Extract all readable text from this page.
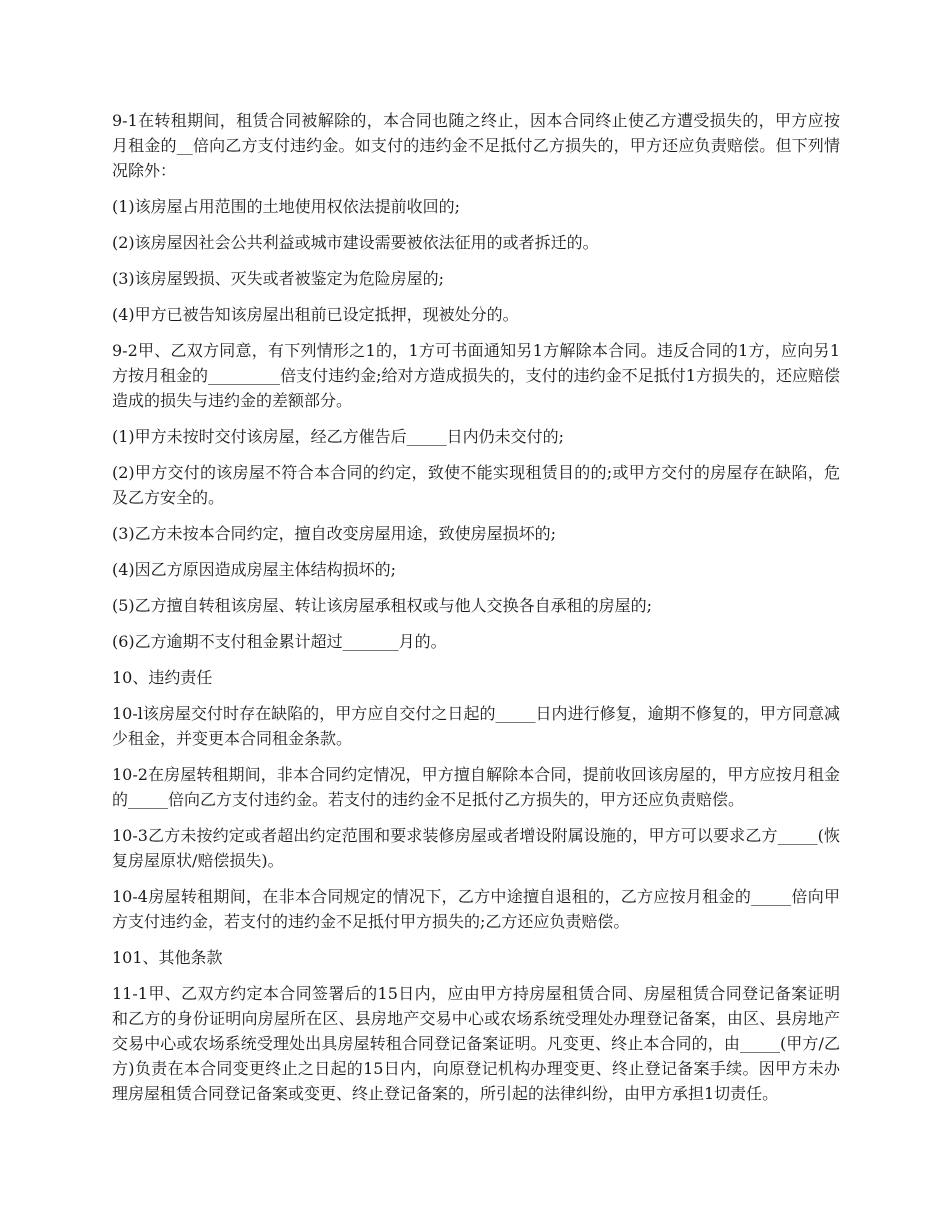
9-1在转租期间，租赁合同被解除的，本合同也随之终止，因本合同终止使乙方遭受损失的，甲方应按月租金的__倍向乙方支付违约金。如支付的违约金不足抵付乙方损失的，甲方还应负责赔偿。但下列情况除外：

(1)该房屋占用范围的土地使用权依法提前收回的;

(2)该房屋因社会公共利益或城市建设需要被依法征用的或者拆迁的。

(3)该房屋毁损、灭失或者被鉴定为危险房屋的;

(4)甲方已被告知该房屋出租前已设定抵押，现被处分的。

9-2甲、乙双方同意，有下列情形之1的，1方可书面通知另1方解除本合同。违反合同的1方，应向另1方按月租金的_________倍支付违约金;给对方造成损失的，支付的违约金不足抵付1方损失的，还应赔偿造成的损失与违约金的差额部分。

(1)甲方未按时交付该房屋，经乙方催告后_____日内仍未交付的;

(2)甲方交付的该房屋不符合本合同的约定，致使不能实现租赁目的的;或甲方交付的房屋存在缺陷，危及乙方安全的。

(3)乙方未按本合同约定，擅自改变房屋用途，致使房屋损坏的;

(4)因乙方原因造成房屋主体结构损坏的;

(5)乙方擅自转租该房屋、转让该房屋承租权或与他人交换各自承租的房屋的;

(6)乙方逾期不支付租金累计超过_______月的。

10、违约责任

10-l该房屋交付时存在缺陷的，甲方应自交付之日起的_____日内进行修复，逾期不修复的，甲方同意减少租金，并变更本合同租金条款。

10-2在房屋转租期间，非本合同约定情况，甲方擅自解除本合同，提前收回该房屋的，甲方应按月租金的_____倍向乙方支付违约金。若支付的违约金不足抵付乙方损失的，甲方还应负责赔偿。

10-3乙方未按约定或者超出约定范围和要求装修房屋或者增设附属设施的，甲方可以要求乙方_____(恢复房屋原状/赔偿损失)。

10-4房屋转租期间，在非本合同规定的情况下，乙方中途擅自退租的，乙方应按月租金的_____倍向甲方支付违约金，若支付的违约金不足抵付甲方损失的;乙方还应负责赔偿。

101、其他条款

11-1甲、乙双方约定本合同签署后的15日内，应由甲方持房屋租赁合同、房屋租赁合同登记备案证明和乙方的身份证明向房屋所在区、县房地产交易中心或农场系统受理处办理登记备案，由区、县房地产交易中心或农场系统受理处出具房屋转租合同登记备案证明。凡变更、终止本合同的，由_____(甲方/乙方)负责在本合同变更终止之日起的15日内，向原登记机构办理变更、终止登记备案手续。因甲方未办理房屋租赁合同登记备案或变更、终止登记备案的，所引起的法律纠纷，由甲方承担1切责任。
